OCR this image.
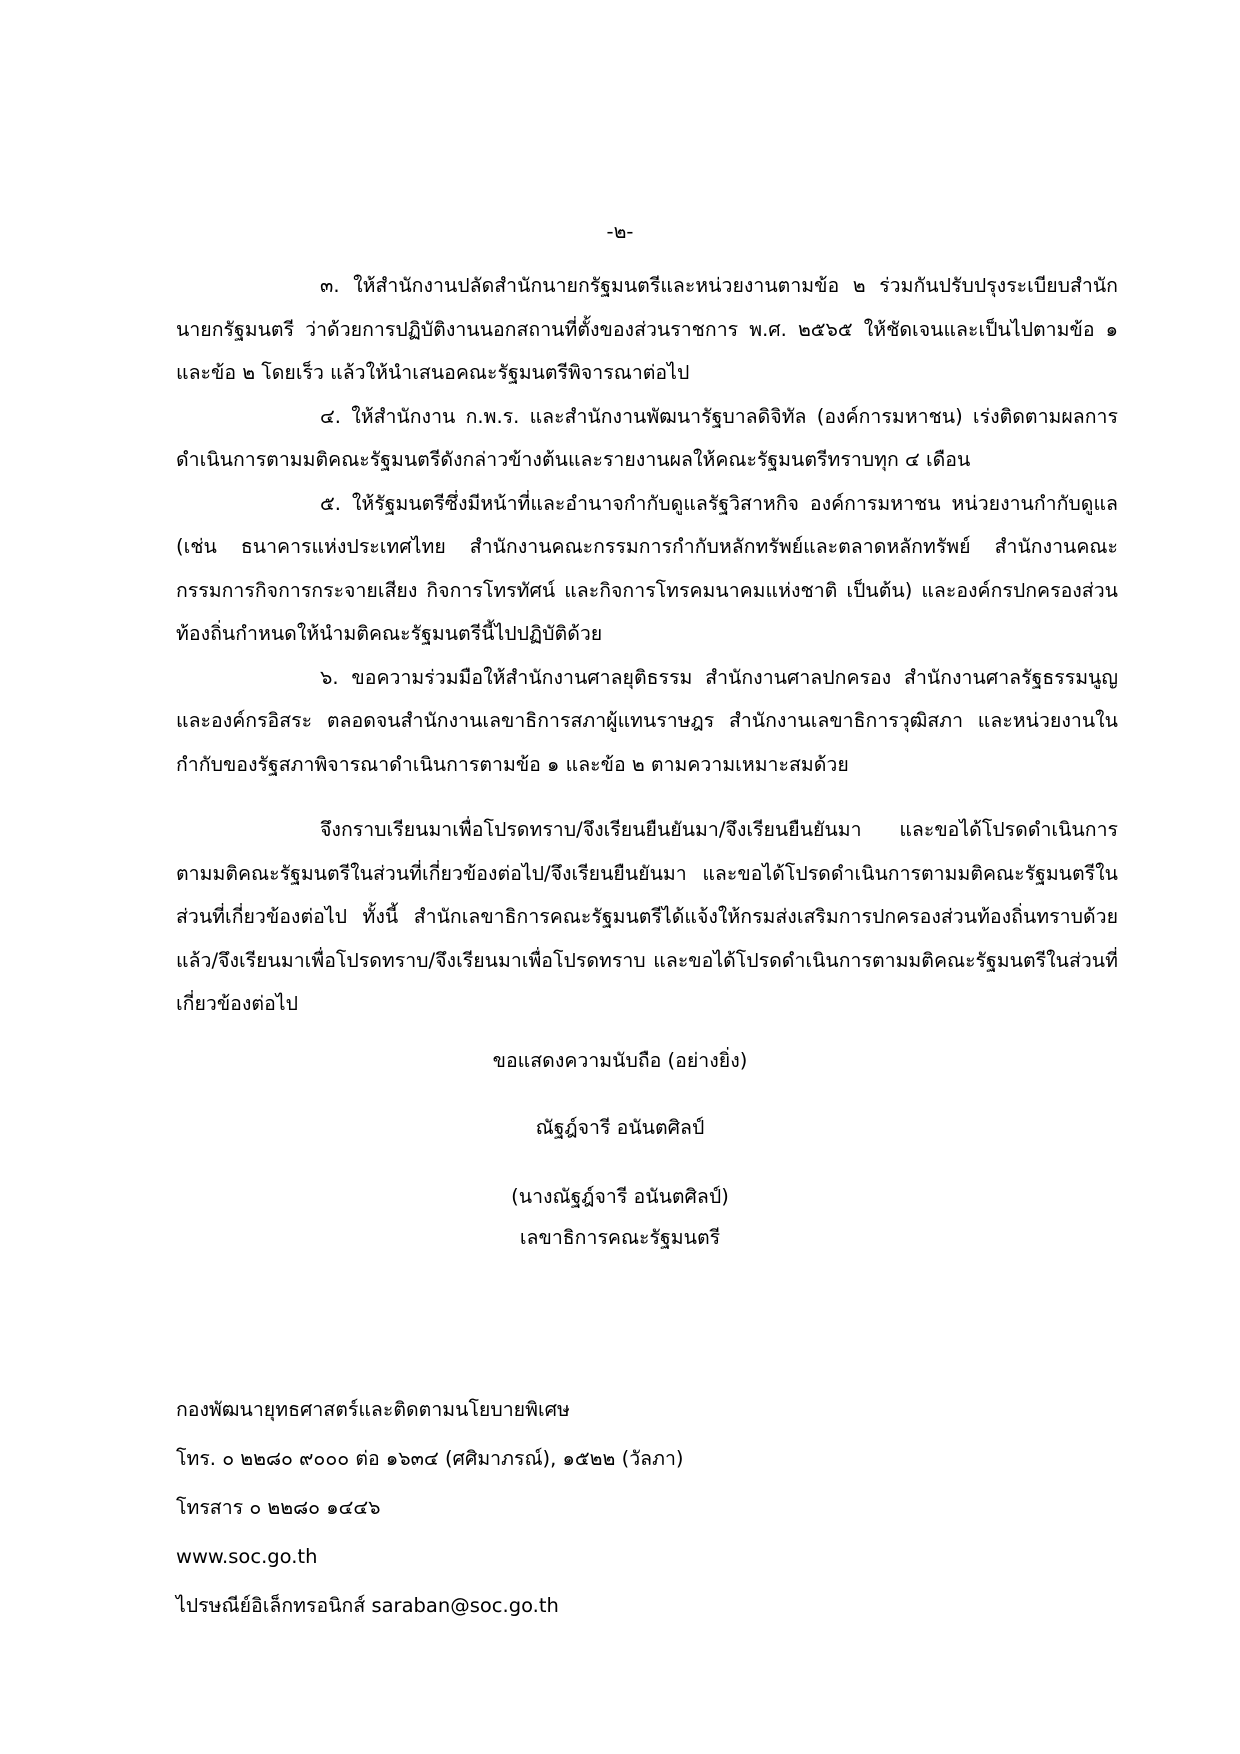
-๒-

๓. ให้สำนักงานปลัดสำนักนายกรัฐมนตรีและหน่วยงานตามข้อ ๒ ร่วมกันปรับปรุงระเบียบสำนักนายกรัฐมนตรี ว่าด้วยการปฏิบัติงานนอกสถานที่ตั้งของส่วนราชการ พ.ศ. ๒๕๖๕ ให้ชัดเจนและเป็นไปตามข้อ ๑ และข้อ ๒ โดยเร็ว แล้วให้นำเสนอคณะรัฐมนตรีพิจารณาต่อไป

๔. ให้สำนักงาน ก.พ.ร. และสำนักงานพัฒนารัฐบาลดิจิทัล (องค์การมหาชน) เร่งติดตามผลการดำเนินการตามมติคณะรัฐมนตรีดังกล่าวข้างต้นและรายงานผลให้คณะรัฐมนตรีทราบทุก ๔ เดือน

๕. ให้รัฐมนตรีซึ่งมีหน้าที่และอำนาจกำกับดูแลรัฐวิสาหกิจ องค์การมหาชน หน่วยงานกำกับดูแล (เช่น ธนาคารแห่งประเทศไทย สำนักงานคณะกรรมการกำกับหลักทรัพย์และตลาดหลักทรัพย์ สำนักงานคณะกรรมการกิจการกระจายเสียง กิจการโทรทัศน์ และกิจการโทรคมนาคมแห่งชาติ เป็นต้น) และองค์กรปกครองส่วนท้องถิ่นกำหนดให้นำมติคณะรัฐมนตรีนี้ไปปฏิบัติด้วย

๖. ขอความร่วมมือให้สำนักงานศาลยุติธรรม สำนักงานศาลปกครอง สำนักงานศาลรัฐธรรมนูญ และองค์กรอิสระ ตลอดจนสำนักงานเลขาธิการสภาผู้แทนราษฎร สำนักงานเลขาธิการวุฒิสภา และหน่วยงานในกำกับของรัฐสภาพิจารณาดำเนินการตามข้อ ๑ และข้อ ๒ ตามความเหมาะสมด้วย

จึงกราบเรียนมาเพื่อโปรดทราบ/จึงเรียนยืนยันมา/จึงเรียนยืนยันมา และขอได้โปรดดำเนินการตามมติคณะรัฐมนตรีในส่วนที่เกี่ยวข้องต่อไป/จึงเรียนยืนยันมา และขอได้โปรดดำเนินการตามมติคณะรัฐมนตรีในส่วนที่เกี่ยวข้องต่อไป ทั้งนี้ สำนักเลขาธิการคณะรัฐมนตรีได้แจ้งให้กรมส่งเสริมการปกครองส่วนท้องถิ่นทราบด้วยแล้ว/จึงเรียนมาเพื่อโปรดทราบ/จึงเรียนมาเพื่อโปรดทราบ และขอได้โปรดดำเนินการตามมติคณะรัฐมนตรีในส่วนที่เกี่ยวข้องต่อไป

ขอแสดงความนับถือ (อย่างยิ่ง)
ณัฐฎ์จารี อนันตศิลป์
(นางณัฐฎ์จารี อนันตศิลป์)
เลขาธิการคณะรัฐมนตรี
กองพัฒนายุทธศาสตร์และติดตามนโยบายพิเศษ
โทร. ๐ ๒๒๘๐ ๙๐๐๐ ต่อ ๑๖๓๔ (ศศิมาภรณ์), ๑๕๒๒ (วัลภา)
โทรสาร ๐ ๒๒๘๐ ๑๔๔๖
www.soc.go.th
ไปรษณีย์อิเล็กทรอนิกส์ saraban@soc.go.th
